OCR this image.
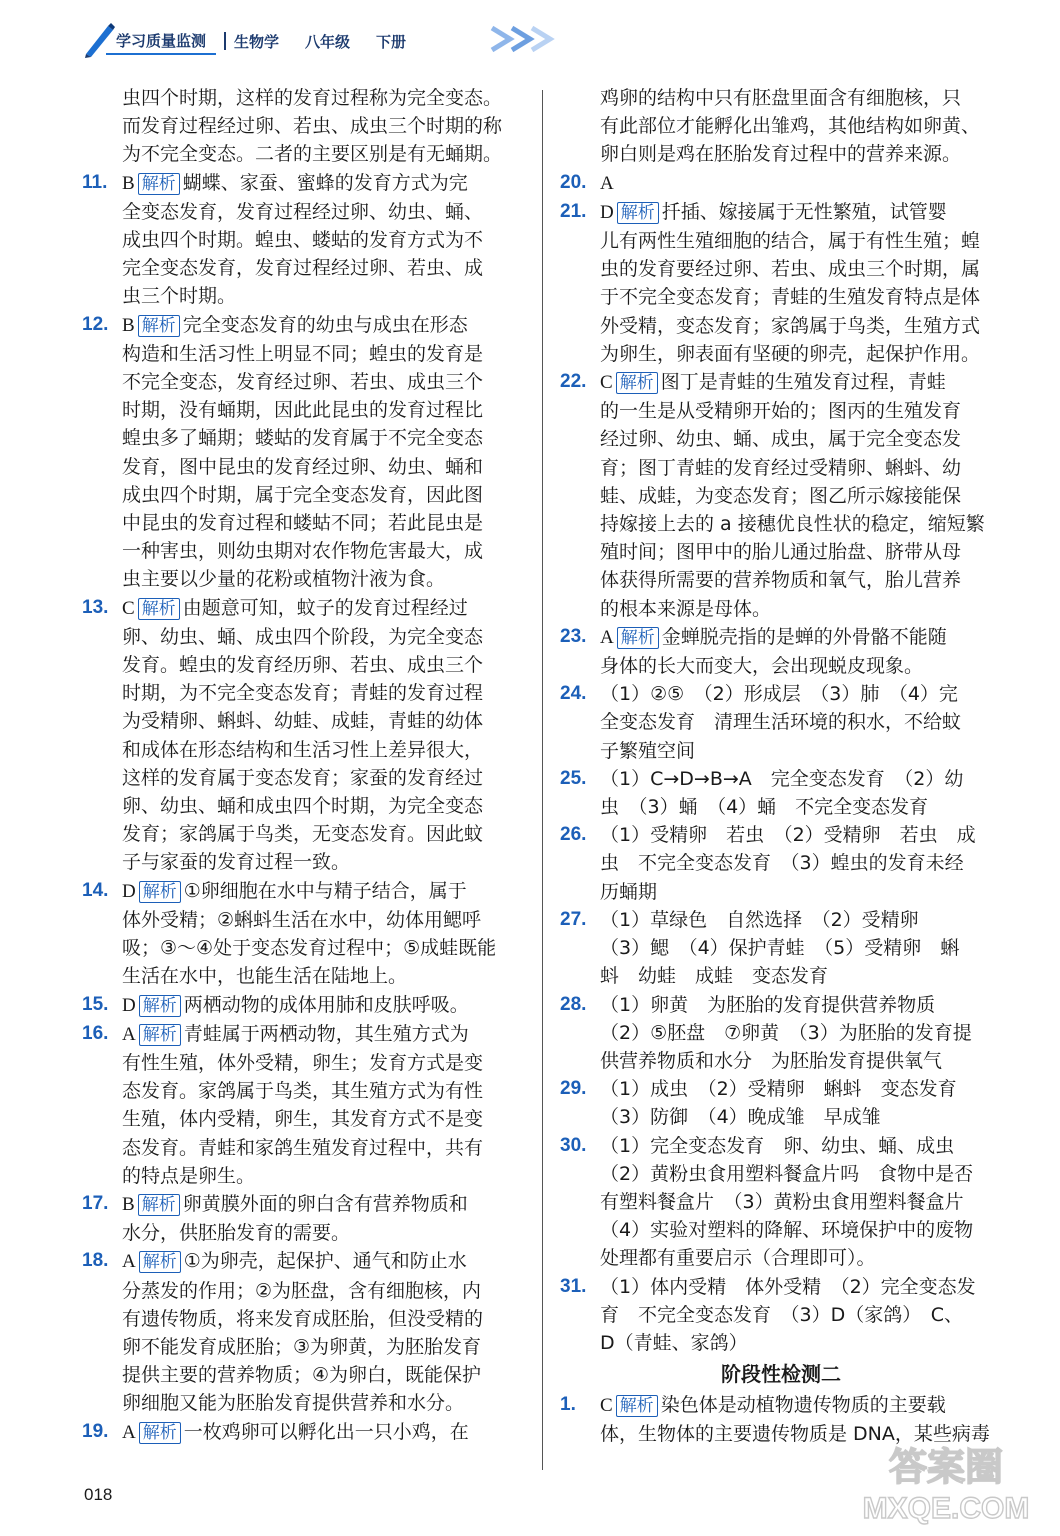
学习质量监测	生物学 八年级 下册

虫四个时期，这样的发育过程称为完全变态。
而发育过程经过卵、若虫、成虫三个时期的称
为不完全变态。二者的主要区别是有无蛹期。

11. B 解析 蝴蝶、家蚕、蜜蜂的发育方式为完
全变态发育，发育过程经过卵、幼虫、蛹、
成虫四个时期。蝗虫、蝼蛄的发育方式为不
完全变态发育，发育过程经过卵、若虫、成
虫三个时期。

12. B 解析 完全变态发育的幼虫与成虫在形态
构造和生活习性上明显不同；蝗虫的发育是
不完全变态，发育经过卵、若虫、成虫三个
时期，没有蛹期，因此此昆虫的发育过程比
蝗虫多了蛹期；蝼蛄的发育属于不完全变态
发育，图中昆虫的发育经过卵、幼虫、蛹和
成虫四个时期，属于完全变态发育，因此图
中昆虫的发育过程和蝼蛄不同；若此昆虫是
一种害虫，则幼虫期对农作物危害最大，成
虫主要以少量的花粉或植物汁液为食。

13. C 解析 由题意可知，蚊子的发育过程经过
卵、幼虫、蛹、成虫四个阶段，为完全变态
发育。蝗虫的发育经历卵、若虫、成虫三个
时期，为不完全变态发育；青蛙的发育过程
为受精卵、蝌蚪、幼蛙、成蛙，青蛙的幼体
和成体在形态结构和生活习性上差异很大，
这样的发育属于变态发育；家蚕的发育经过
卵、幼虫、蛹和成虫四个时期，为完全变态
发育；家鸽属于鸟类，无变态发育。因此蚊
子与家蚕的发育过程一致。

14. D 解析 ①卵细胞在水中与精子结合，属于
体外受精；②蝌蚪生活在水中，幼体用鳃呼
吸；③～④处于变态发育过程中；⑤成蛙既能
生活在水中，也能生活在陆地上。

15. D 解析 两栖动物的成体用肺和皮肤呼吸。

16. A 解析 青蛙属于两栖动物，其生殖方式为
有性生殖，体外受精，卵生；发育方式是变
态发育。家鸽属于鸟类，其生殖方式为有性
生殖，体内受精，卵生，其发育方式不是变
态发育。青蛙和家鸽生殖发育过程中，共有
的特点是卵生。

17. B 解析 卵黄膜外面的卵白含有营养物质和
水分，供胚胎发育的需要。

18. A 解析 ①为卵壳，起保护、通气和防止水
分蒸发的作用；②为胚盘，含有细胞核，内
有遗传物质，将来发育成胚胎，但没受精的
卵不能发育成胚胎；③为卵黄，为胚胎发育
提供主要的营养物质；④为卵白，既能保护
卵细胞又能为胚胎发育提供营养和水分。

19. A 解析 一枚鸡卵可以孵化出一只小鸡，在

鸡卵的结构中只有胚盘里面含有细胞核，只
有此部位才能孵化出雏鸡，其他结构如卵黄、
卵白则是鸡在胚胎发育过程中的营养来源。

20. A

21. D 解析 扦插、嫁接属于无性繁殖，试管婴
儿有两性生殖细胞的结合，属于有性生殖；蝗
虫的发育要经过卵、若虫、成虫三个时期，属
于不完全变态发育；青蛙的生殖发育特点是体
外受精，变态发育；家鸽属于鸟类，生殖方式
为卵生，卵表面有坚硬的卵壳，起保护作用。

22. C 解析 图丁是青蛙的生殖发育过程，青蛙
的一生是从受精卵开始的；图丙的生殖发育
经过卵、幼虫、蛹、成虫，属于完全变态发
育；图丁青蛙的发育经过受精卵、蝌蚪、幼
蛙、成蛙，为变态发育；图乙所示嫁接能保
持嫁接上去的 a 接穗优良性状的稳定，缩短繁
殖时间；图甲中的胎儿通过胎盘、脐带从母
体获得所需要的营养物质和氧气，胎儿营养
的根本来源是母体。

23. A 解析 金蝉脱壳指的是蝉的外骨骼不能随
身体的长大而变大，会出现蜕皮现象。

24. （1）②⑤　（2）形成层　（3）肺　（4）完
全变态发育　清理生活环境的积水，不给蚊
子繁殖空间

25. （1）C→D→B→A　完全变态发育　（2）幼
虫　（3）蛹　（4）蛹　不完全变态发育

26. （1）受精卵　若虫　（2）受精卵　若虫　成
虫　不完全变态发育　（3）蝗虫的发育未经
历蛹期

27. （1）草绿色　自然选择　（2）受精卵
（3）鳃　（4）保护青蛙　（5）受精卵　蝌
蚪　幼蛙　成蛙　变态发育

28. （1）卵黄　为胚胎的发育提供营养物质
（2）⑤胚盘　⑦卵黄　（3）为胚胎的发育提
供营养物质和水分　为胚胎发育提供氧气

29. （1）成虫　（2）受精卵　蝌蚪　变态发育
（3）防御　（4）晚成雏　早成雏

30. （1）完全变态发育　卵、幼虫、蛹、成虫
（2）黄粉虫食用塑料餐盒片吗　食物中是否
有塑料餐盒片　（3）黄粉虫食用塑料餐盒片
（4）实验对塑料的降解、环境保护中的废物
处理都有重要启示（合理即可）。

31. （1）体内受精　体外受精　（2）完全变态发
育　不完全变态发育　（3）D（家鸽）　C、
D（青蛙、家鸽）

阶段性检测二

1. C 解析 染色体是动植物遗传物质的主要载
体，生物体的主要遗传物质是 DNA，某些病毒

018
答案圈
MXQE.COM
